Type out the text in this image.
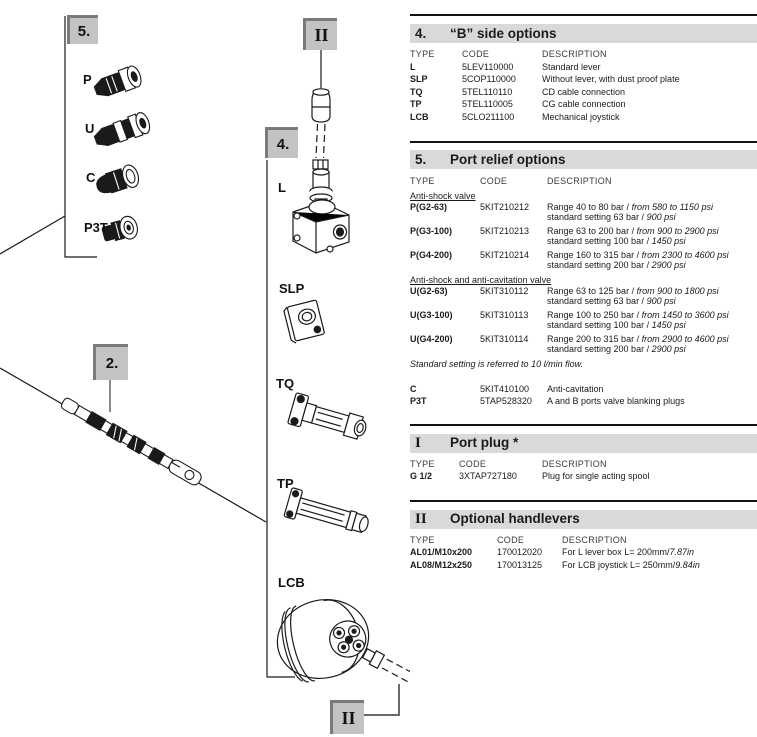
5.
4.
2.
II
II
P
U
C
P3T
L
SLP
TQ
TP
LCB
4.	“B” side options
TYPE	CODE	DESCRIPTION
L	5LEV110000	Standard lever
SLP	5COP110000	Without lever, with dust proof plate
TQ	5TEL110110	CD cable connection
TP	5TEL110005	CG cable connection
LCB	5CLO211100	Mechanical joystick
5.	Port relief options
TYPE	CODE	DESCRIPTION
Anti-shock valve
P(G2-63)	5KIT210212	Range 40 to 80 bar / from 580 to 1150 psi
standard setting 63 bar / 900 psi
P(G3-100)	5KIT210213	Range 63 to 200 bar / from 900 to 2900 psi
standard setting 100 bar / 1450 psi
P(G4-200)	5KIT210214	Range 160 to 315 bar / from 2300 to 4600 psi
standard setting 200 bar / 2900 psi
Anti-shock and anti-cavitation valve
U(G2-63)	5KIT310112	Range 63 to 125 bar / from 900 to 1800 psi
standard setting 63 bar / 900 psi
U(G3-100)	5KIT310113	Range 100 to 250 bar / from 1450 to 3600 psi
standard setting 100 bar / 1450 psi
U(G4-200)	5KIT310114	Range 200 to 315 bar / from 2900 to 4600 psi
standard setting 200 bar / 2900 psi
Standard setting is referred to 10 l/min flow.
C	5KIT410100	Anti-cavitation
P3T	5TAP528320	A and B ports valve blanking plugs
I	Port plug *
TYPE	CODE	DESCRIPTION
G 1/2	3XTAP727180	Plug for single acting spool
II	Optional handlevers
TYPE	CODE	DESCRIPTION
AL01/M10x200	170012020	For L lever box L= 200mm/7.87in
AL08/M12x250	170013125	For LCB joystick L= 250mm/9.84in
